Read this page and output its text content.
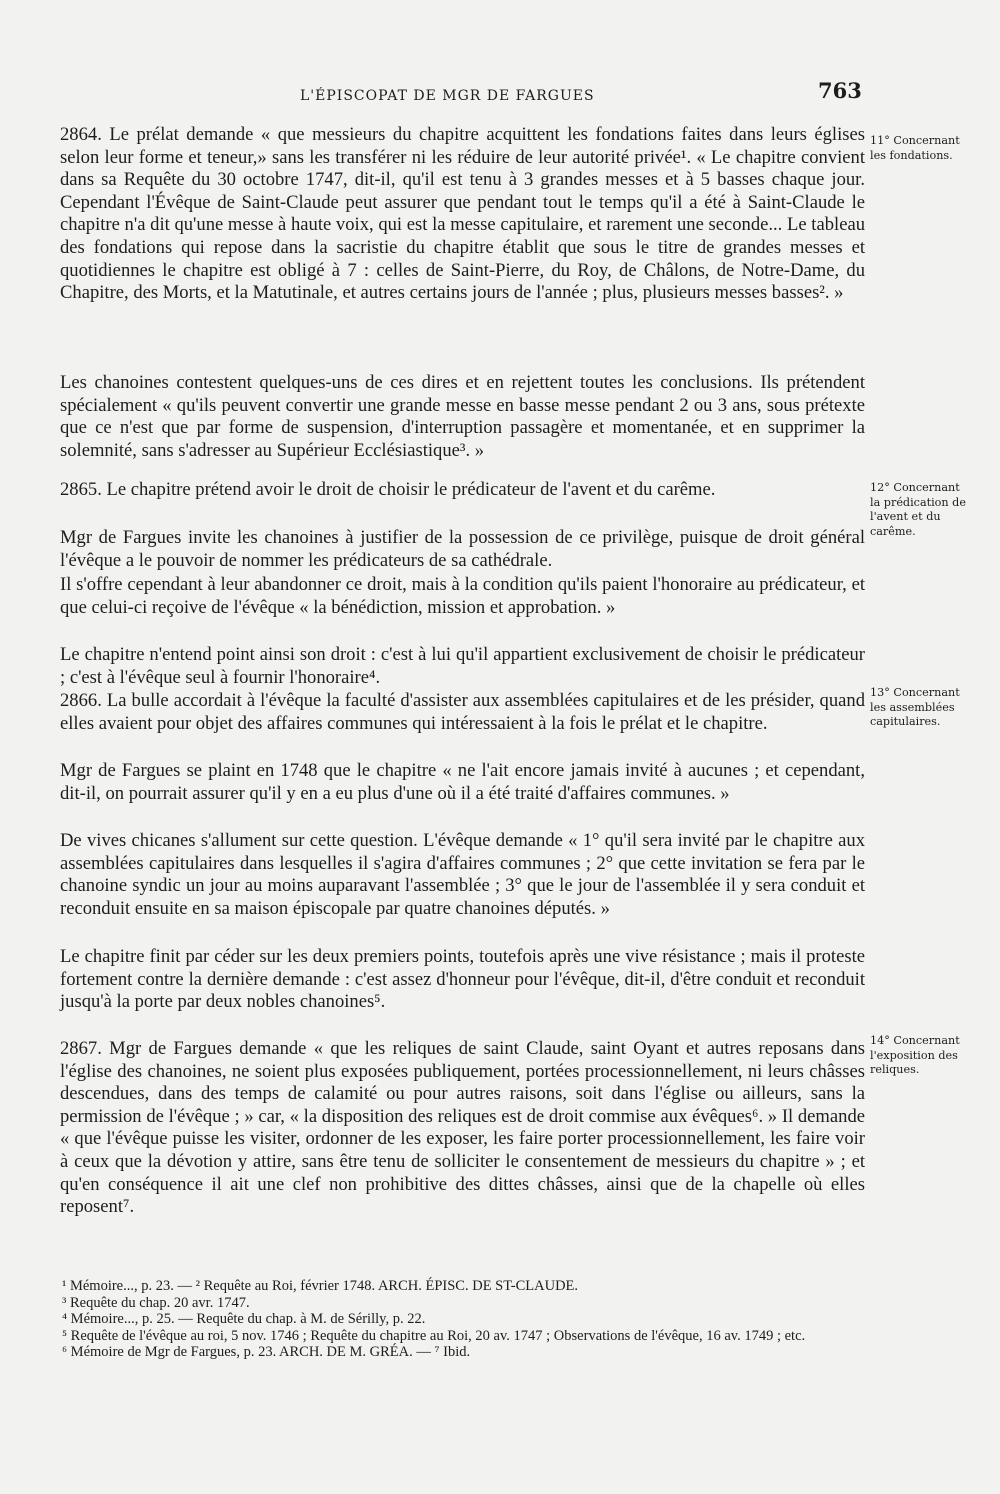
L'ÉPISCOPAT DE MGR DE FARGUES	763

2864. Le prélat demande « que messieurs du chapitre acquittent les fondations faites dans leurs églises selon leur forme et teneur,» sans les transférer ni les réduire de leur autorité privée¹. « Le chapitre convient dans sa Requête du 30 octobre 1747, dit-il, qu'il est tenu à 3 grandes messes et à 5 basses chaque jour. Cependant l'Évêque de Saint-Claude peut assurer que pendant tout le temps qu'il a été à Saint-Claude le chapitre n'a dit qu'une messe à haute voix, qui est la messe capitulaire, et rarement une seconde... Le tableau des fondations qui repose dans la sacristie du chapitre établit que sous le titre de grandes messes et quotidiennes le chapitre est obligé à 7 : celles de Saint-Pierre, du Roy, de Châlons, de Notre-Dame, du Chapitre, des Morts, et la Matutinale, et autres certains jours de l'année ; plus, plusieurs messes basses². »

Les chanoines contestent quelques-uns de ces dires et en rejettent toutes les conclusions. Ils prétendent spécialement « qu'ils peuvent convertir une grande messe en basse messe pendant 2 ou 3 ans, sous prétexte que ce n'est que par forme de suspension, d'interruption passagère et momentanée, et en supprimer la solemnité, sans s'adresser au Supérieur Ecclésiastique³. »

2865. Le chapitre prétend avoir le droit de choisir le prédicateur de l'avent et du carême.

Mgr de Fargues invite les chanoines à justifier de la possession de ce privilège, puisque de droit général l'évêque a le pouvoir de nommer les prédicateurs de sa cathédrale.

Il s'offre cependant à leur abandonner ce droit, mais à la condition qu'ils paient l'honoraire au prédicateur, et que celui-ci reçoive de l'évêque « la bénédiction, mission et approbation. »

Le chapitre n'entend point ainsi son droit : c'est à lui qu'il appartient exclusivement de choisir le prédicateur ; c'est à l'évêque seul à fournir l'honoraire⁴.

2866. La bulle accordait à l'évêque la faculté d'assister aux assemblées capitulaires et de les présider, quand elles avaient pour objet des affaires communes qui intéressaient à la fois le prélat et le chapitre.

Mgr de Fargues se plaint en 1748 que le chapitre « ne l'ait encore jamais invité à aucunes ; et cependant, dit-il, on pourrait assurer qu'il y en a eu plus d'une où il a été traité d'affaires communes. »

De vives chicanes s'allument sur cette question. L'évêque demande « 1° qu'il sera invité par le chapitre aux assemblées capitulaires dans lesquelles il s'agira d'affaires communes ; 2° que cette invitation se fera par le chanoine syndic un jour au moins auparavant l'assemblée ; 3° que le jour de l'assemblée il y sera conduit et reconduit ensuite en sa maison épiscopale par quatre chanoines députés. »

Le chapitre finit par céder sur les deux premiers points, toutefois après une vive résistance ; mais il proteste fortement contre la dernière demande : c'est assez d'honneur pour l'évêque, dit-il, d'être conduit et reconduit jusqu'à la porte par deux nobles chanoines⁵.

2867. Mgr de Fargues demande « que les reliques de saint Claude, saint Oyant et autres reposans dans l'église des chanoines, ne soient plus exposées publiquement, portées processionnellement, ni leurs châsses descendues, dans des temps de calamité ou pour autres raisons, soit dans l'église ou ailleurs, sans la permission de l'évêque ; » car, « la disposition des reliques est de droit commise aux évêques⁶. » Il demande « que l'évêque puisse les visiter, ordonner de les exposer, les faire porter processionnellement, les faire voir à ceux que la dévotion y attire, sans être tenu de solliciter le consentement de messieurs du chapitre » ; et qu'en conséquence il ait une clef non prohibitive des dittes châsses, ainsi que de la chapelle où elles reposent⁷.

11° Concernant les fondations.
12° Concernant la prédication de l'avent et du carême.
13° Concernant les assemblées capitulaires.
14° Concernant l'exposition des reliques.

¹ Mémoire..., p. 23. — ² Requête au Roi, février 1748. ARCH. ÉPISC. DE ST-CLAUDE.

³ Requête du chap. 20 avr. 1747.

⁴ Mémoire..., p. 25. — Requête du chap. à M. de Sérilly, p. 22.

⁵ Requête de l'évêque au roi, 5 nov. 1746 ; Requête du chapitre au Roi, 20 av. 1747 ; Observations de l'évêque, 16 av. 1749 ; etc.

⁶ Mémoire de Mgr de Fargues, p. 23. ARCH. DE M. GRÉA. — ⁷ Ibid.
